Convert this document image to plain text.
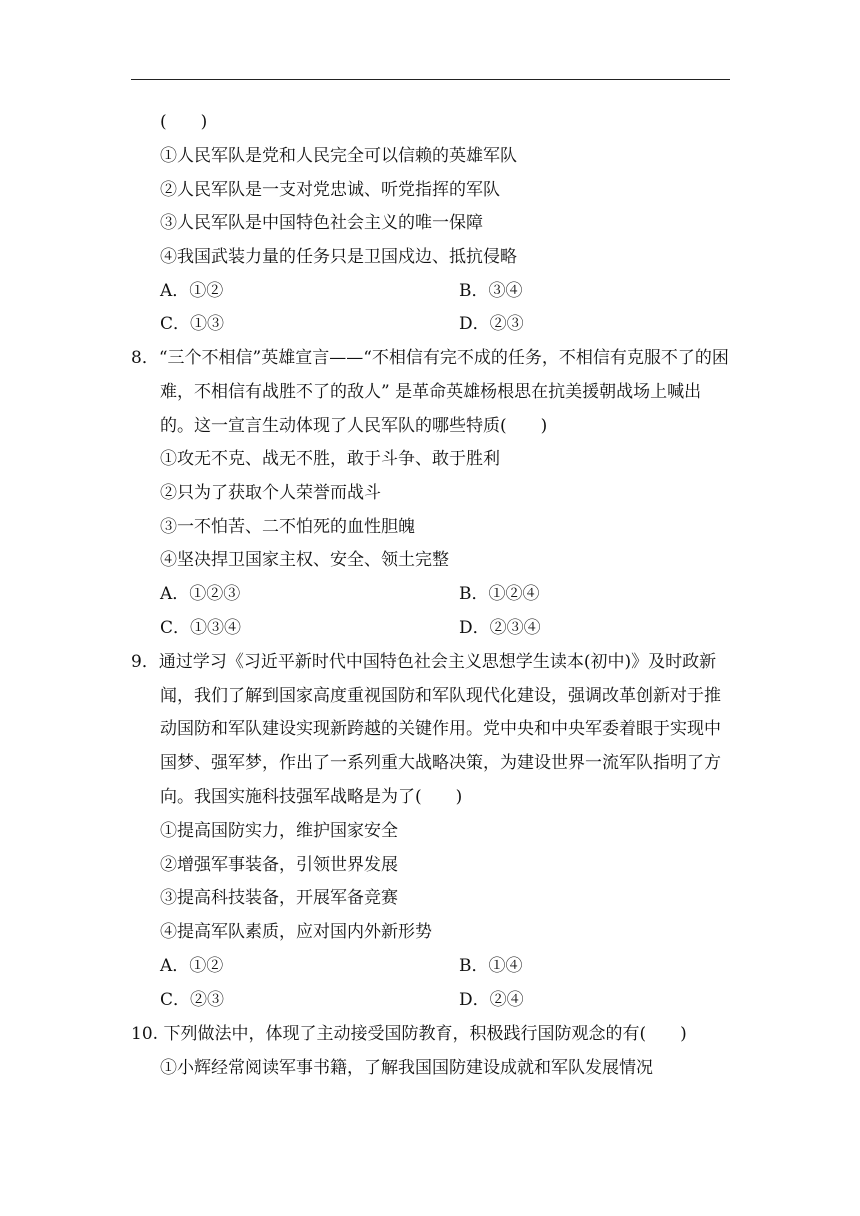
(　　)
①人民军队是党和人民完全可以信赖的英雄军队
②人民军队是一支对党忠诚、听党指挥的军队
③人民军队是中国特色社会主义的唯一保障
④我国武装力量的任务只是卫国戍边、抵抗侵略
A．①②	B．③④
C．①③	D．②③
8．“三个不相信”英雄宣言——“不相信有完不成的任务，不相信有克服不了的困
难，不相信有战胜不了的敌人” 是革命英雄杨根思在抗美援朝战场上喊出
的。这一宣言生动体现了人民军队的哪些特质(　　)
①攻无不克、战无不胜，敢于斗争、敢于胜利
②只为了获取个人荣誉而战斗
③一不怕苦、二不怕死的血性胆魄
④坚决捍卫国家主权、安全、领土完整
A．①②③	B．①②④
C．①③④	D．②③④
9．通过学习《习近平新时代中国特色社会主义思想学生读本(初中)》及时政新
闻，我们了解到国家高度重视国防和军队现代化建设，强调改革创新对于推
动国防和军队建设实现新跨越的关键作用。党中央和中央军委着眼于实现中
国梦、强军梦，作出了一系列重大战略决策，为建设世界一流军队指明了方
向。我国实施科技强军战略是为了(　　)
①提高国防实力，维护国家安全
②增强军事装备，引领世界发展
③提高科技装备，开展军备竞赛
④提高军队素质，应对国内外新形势
A．①②	B．①④
C．②③	D．②④
10. 下列做法中，体现了主动接受国防教育，积极践行国防观念的有(　　)
①小辉经常阅读军事书籍，了解我国国防建设成就和军队发展情况
